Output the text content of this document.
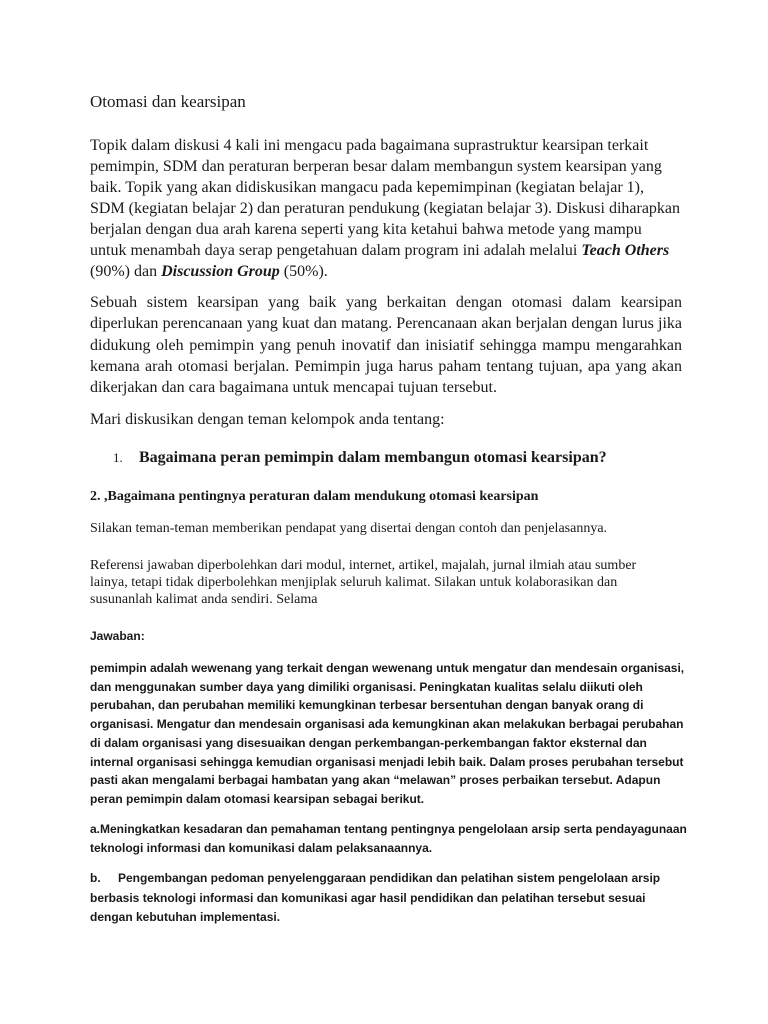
Otomasi dan kearsipan

Topik dalam diskusi 4 kali ini mengacu pada bagaimana suprastruktur kearsipan terkait pemimpin, SDM dan peraturan berperan besar dalam membangun system kearsipan yang baik. Topik yang akan didiskusikan mangacu pada kepemimpinan (kegiatan belajar 1), SDM (kegiatan belajar 2) dan peraturan pendukung (kegiatan belajar 3). Diskusi diharapkan berjalan dengan dua arah karena seperti yang kita ketahui bahwa metode yang mampu untuk menambah daya serap pengetahuan dalam program ini adalah melalui Teach Others (90%) dan Discussion Group (50%).

Sebuah sistem kearsipan yang baik yang berkaitan dengan otomasi dalam kearsipan diperlukan perencanaan yang kuat dan matang. Perencanaan akan berjalan dengan lurus jika didukung oleh pemimpin yang penuh inovatif dan inisiatif sehingga mampu mengarahkan kemana arah otomasi berjalan. Pemimpin juga harus paham tentang tujuan, apa yang akan dikerjakan dan cara bagaimana untuk mencapai tujuan tersebut.

Mari diskusikan dengan teman kelompok anda tentang:

1. Bagaimana peran pemimpin dalam membangun otomasi kearsipan?

2. ,Bagaimana pentingnya peraturan dalam mendukung otomasi kearsipan

Silakan teman-teman memberikan pendapat yang disertai dengan contoh dan penjelasannya.

Referensi jawaban diperbolehkan dari modul, internet, artikel, majalah, jurnal ilmiah atau sumber lainya, tetapi tidak diperbolehkan menjiplak seluruh kalimat. Silakan untuk kolaborasikan dan susunanlah kalimat anda sendiri. Selama

Jawaban:

pemimpin adalah wewenang yang terkait dengan wewenang untuk mengatur dan mendesain organisasi, dan menggunakan sumber daya yang dimiliki organisasi. Peningkatan kualitas selalu diikuti oleh perubahan, dan perubahan memiliki kemungkinan terbesar bersentuhan dengan banyak orang di organisasi. Mengatur dan mendesain organisasi ada kemungkinan akan melakukan berbagai perubahan di dalam organisasi yang disesuaikan dengan perkembangan-perkembangan faktor eksternal dan internal organisasi sehingga kemudian organisasi menjadi lebih baik. Dalam proses perubahan tersebut pasti akan mengalami berbagai hambatan yang akan “melawan” proses perbaikan tersebut. Adapun peran pemimpin dalam otomasi kearsipan sebagai berikut.

a.Meningkatkan kesadaran dan pemahaman tentang pentingnya pengelolaan arsip serta pendayagunaan teknologi informasi dan komunikasi dalam pelaksanaannya.

b. Pengembangan pedoman penyelenggaraan pendidikan dan pelatihan sistem pengelolaan arsip berbasis teknologi informasi dan komunikasi agar hasil pendidikan dan pelatihan tersebut sesuai dengan kebutuhan implementasi.
